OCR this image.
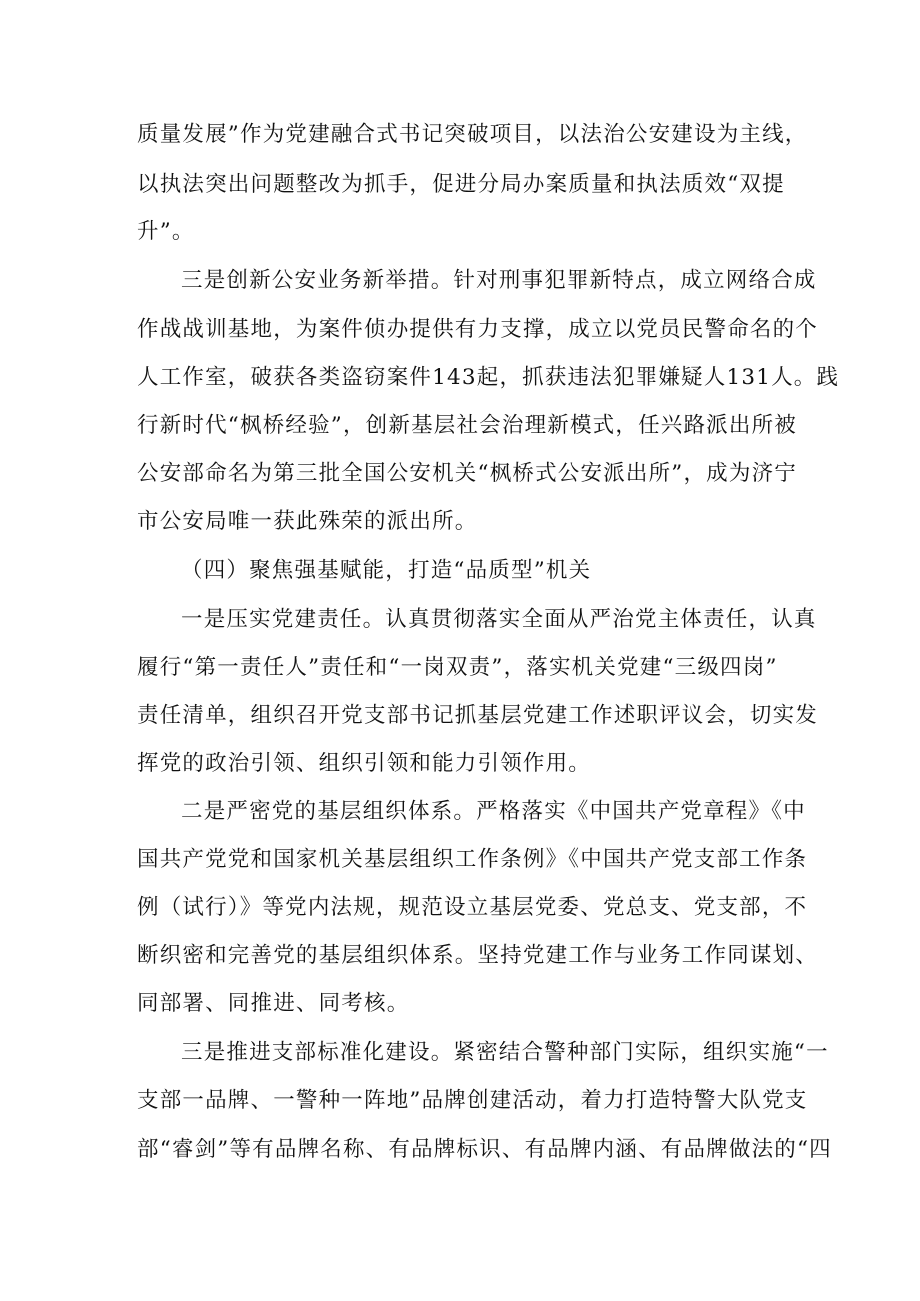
质量发展”作为党建融合式书记突破项目，以法治公安建设为主线，
以执法突出问题整改为抓手，促进分局办案质量和执法质效“双提
升”。
三是创新公安业务新举措。针对刑事犯罪新特点，成立网络合成
作战战训基地，为案件侦办提供有力支撑，成立以党员民警命名的个
人工作室，破获各类盗窃案件143起，抓获违法犯罪嫌疑人131人。践
行新时代“枫桥经验”，创新基层社会治理新模式，任兴路派出所被
公安部命名为第三批全国公安机关“枫桥式公安派出所”，成为济宁
市公安局唯一获此殊荣的派出所。
（四）聚焦强基赋能，打造“品质型”机关
一是压实党建责任。认真贯彻落实全面从严治党主体责任，认真
履行“第一责任人”责任和“一岗双责”，落实机关党建“三级四岗”
责任清单，组织召开党支部书记抓基层党建工作述职评议会，切实发
挥党的政治引领、组织引领和能力引领作用。
二是严密党的基层组织体系。严格落实《中国共产党章程》《中
国共产党党和国家机关基层组织工作条例》《中国共产党支部工作条
例（试行）》等党内法规，规范设立基层党委、党总支、党支部，不
断织密和完善党的基层组织体系。坚持党建工作与业务工作同谋划、
同部署、同推进、同考核。
三是推进支部标准化建设。紧密结合警种部门实际，组织实施“一
支部一品牌、一警种一阵地”品牌创建活动，着力打造特警大队党支
部“睿剑”等有品牌名称、有品牌标识、有品牌内涵、有品牌做法的“四
